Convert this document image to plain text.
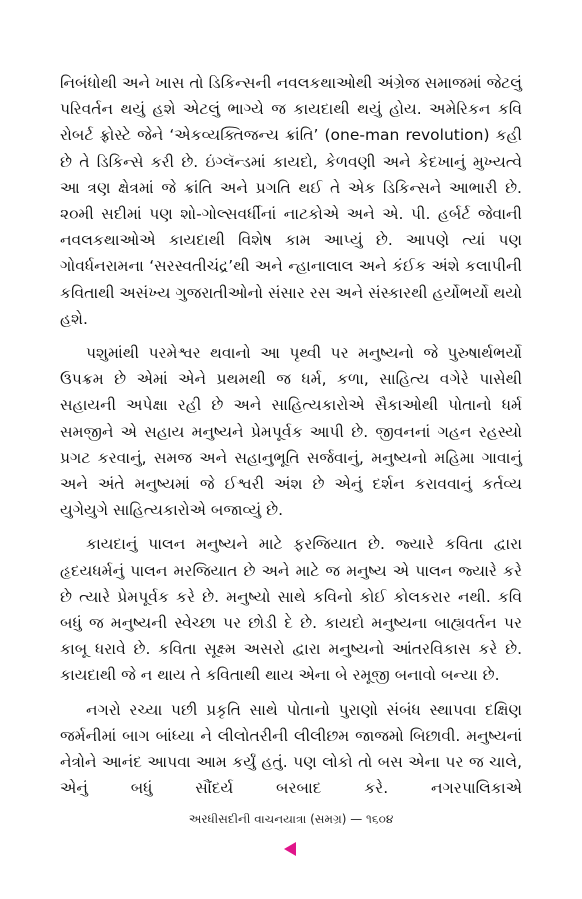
નિબંધોથી અને ખાસ તો ડિકિન્સની નવલકથાઓથી અંગ્રેજ સમાજમાં જેટલું પરિવર્તન થયું હશે એટલું ભાગ્યે જ કાયદાથી થયું હોય. અમેરિકન કવિ રોબર્ટ ફ્રોસ્ટે જેને ‘એકવ્યક્તિજન્ય ક્રાંતિ’ (one-man revolution) કહી છે તે ડિકિન્સે કરી છે. ઇંગ્લૅન્ડમાં કાયદો, કેળવણી અને કેદખાનું મુખ્યત્વે આ ત્રણ ક્ષેત્રમાં જે ક્રાંતિ અને પ્રગતિ થઈ તે એક ડિકિન્સને આભારી છે. ૨૦મી સદીમાં પણ શો-ગોલ્સવર્ધીનાં નાટકોએ અને એ. પી. હર્બર્ટ જેવાની નવલકથાઓએ કાયદાથી વિશેષ કામ આપ્યું છે. આપણે ત્યાં પણ ગોવર્ધનરામના ‘સરસ્વતીચંદ્ર’થી અને ન્હાનાલાલ અને કંઈક અંશે કલાપીની કવિતાથી અસંખ્ય ગુજરાતીઓનો સંસાર રસ અને સંસ્કારથી હર્યોભર્યો થયો હશે.

પશુમાંથી પરમેશ્વર થવાનો આ પૃથ્વી પર મનુષ્યનો જે પુરુષાર્થભર્યો ઉપક્રમ છે એમાં એને પ્રથમથી જ ધર્મ, કળા, સાહિત્ય વગેરે પાસેથી સહાયની અપેક્ષા રહી છે અને સાહિત્યકારોએ સૈકાઓથી પોતાનો ધર્મ સમજીને એ સહાય મનુષ્યને પ્રેમપૂર્વક આપી છે. જીવનનાં ગહન રહસ્યો પ્રગટ કરવાનું, સમજ અને સહાનુભૂતિ સર્જવાનું, મનુષ્યનો મહિમા ગાવાનું અને અંતે મનુષ્યમાં જે ઈશ્વરી અંશ છે એનું દર્શન કરાવવાનું કર્તવ્ય યુગેયુગે સાહિત્યકારોએ બજાવ્યું છે.

કાયદાનું પાલન મનુષ્યને માટે ફરજિયાત છે. જ્યારે કવિતા દ્વારા હૃદયધર્મનું પાલન મરજિયાત છે અને માટે જ મનુષ્ય એ પાલન જ્યારે કરે છે ત્યારે પ્રેમપૂર્વક કરે છે. મનુષ્યો સાથે કવિનો કોઈ કોલકરાર નથી. કવિ બધું જ મનુષ્યની સ્વેચ્છા પર છોડી દે છે. કાયદો મનુષ્યના બાહ્યવર્તન પર કાબૂ ધરાવે છે. કવિતા સૂક્ષ્મ અસરો દ્વારા મનુષ્યનો આંતરવિકાસ કરે છે. કાયદાથી જે ન થાય તે કવિતાથી થાય એના બે રમૂજી બનાવો બન્યા છે.

નગરો રચ્યા પછી પ્રકૃતિ સાથે પોતાનો પુરાણો સંબંધ સ્થાપવા દક્ષિણ જર્મનીમાં બાગ બાંધ્યા ને લીલોતરીની લીલીછમ જાજમો બિછાવી. મનુષ્યનાં નેત્રોને આનંદ આપવા આમ કર્યું હતું. પણ લોકો તો બસ એના પર જ ચાલે, એનું બધું સૌંદર્ય બરબાદ કરે. નગરપાલિકાએ

અરધીસદીની વાચનયાત્રા (સમગ્ર) — ૧૬૦૪
